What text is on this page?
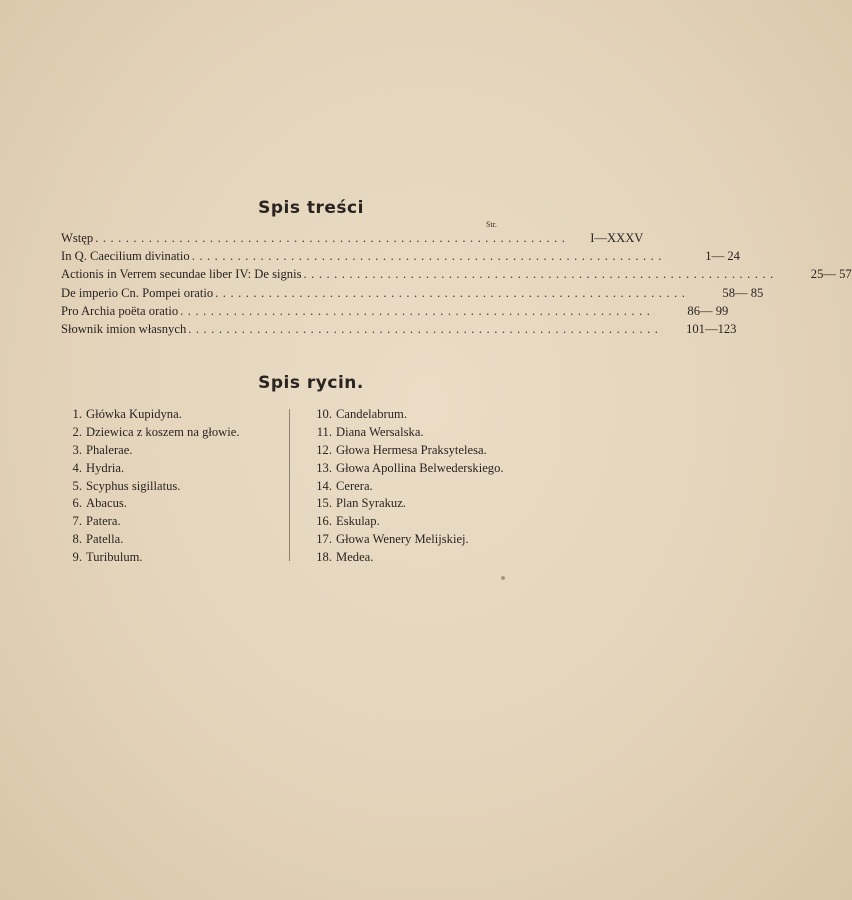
Spis treści
Str.
Wstęp ..............................................................	I—XXXV
In Q. Caecilium divinatio ..............................................................	1— 24
Actionis in Verrem secundae liber IV: De signis ..............................................................	25— 57
De imperio Cn. Pompei oratio ..............................................................	58— 85
Pro Archia poëta oratio ..............................................................	86— 99
Słownik imion własnych ..............................................................	101—123
Spis rycin.
1. Główka Kupidyna.
2. Dziewica z koszem na głowie.
3. Phalerae.
4. Hydria.
5. Scyphus sigillatus.
6. Abacus.
7. Patera.
8. Patella.
9. Turibulum.
10. Candelabrum.
11. Diana Wersalska.
12. Głowa Hermesa Praksytelesa.
13. Głowa Apollina Belwederskiego.
14. Cerera.
15. Plan Syrakuz.
16. Eskulap.
17. Głowa Wenery Melijskiej.
18. Medea.
